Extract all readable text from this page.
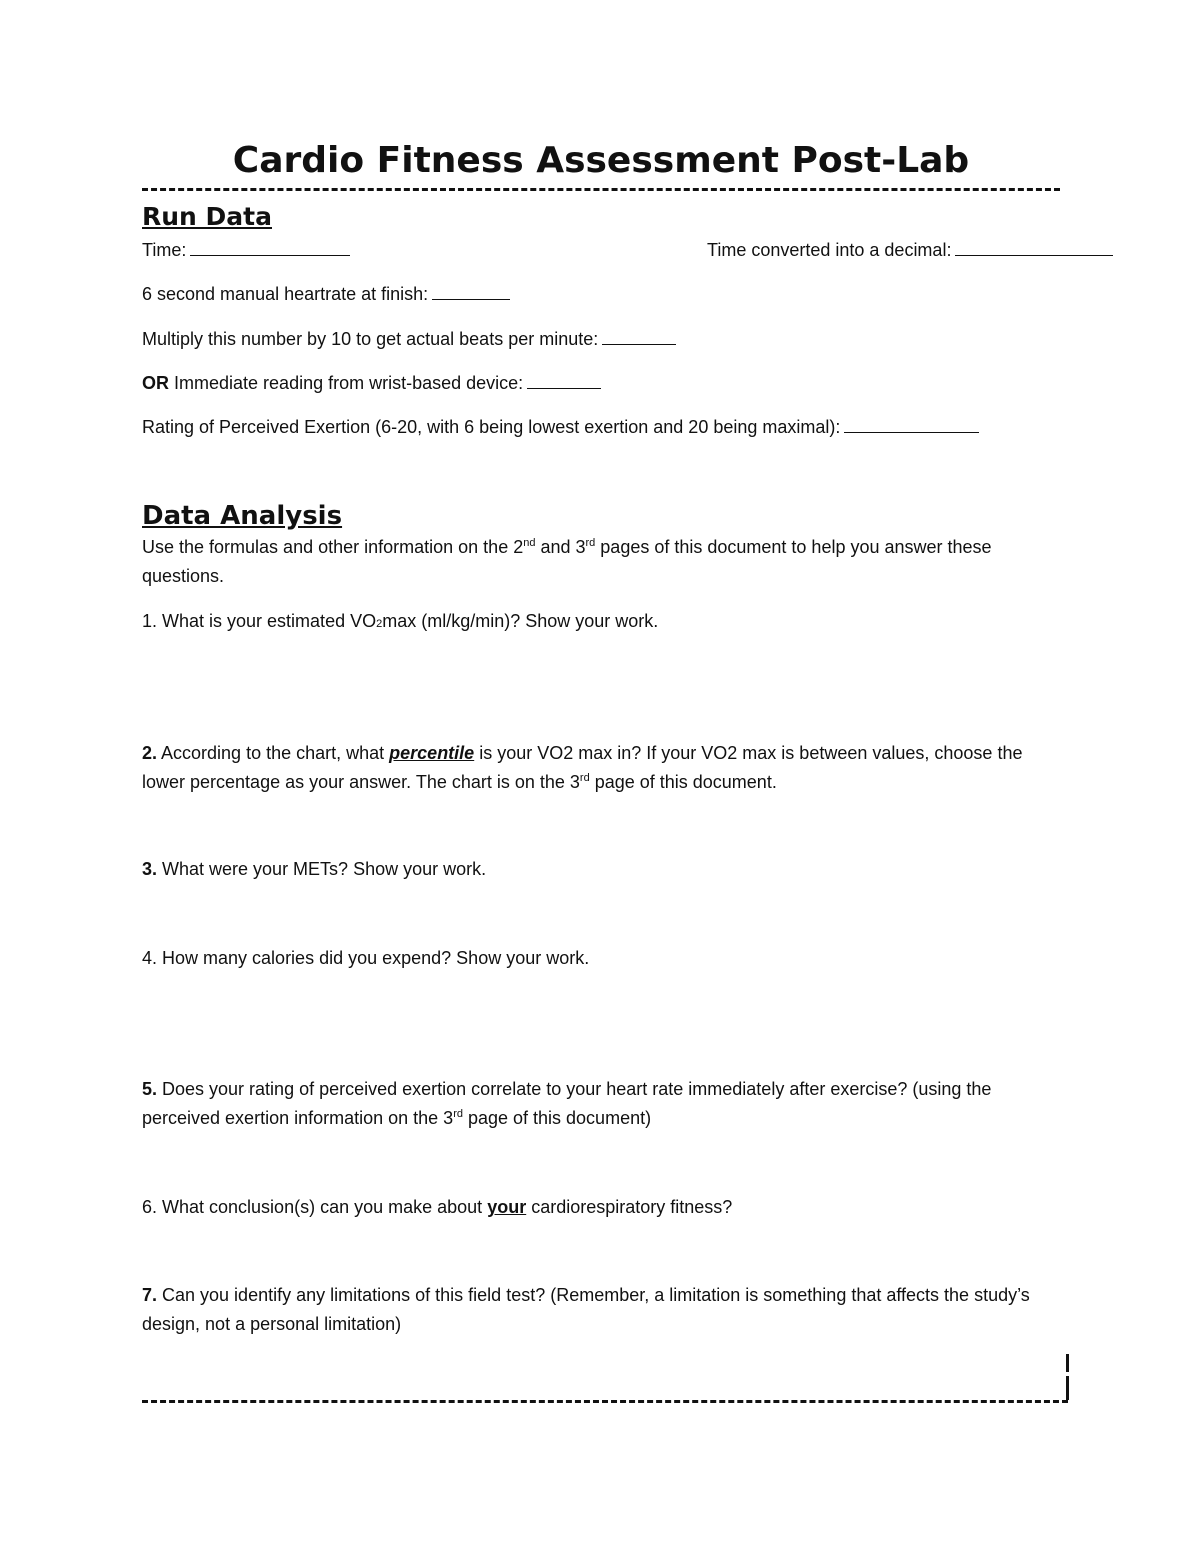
Cardio Fitness Assessment Post-Lab
Run Data

Time:	Time converted into a decimal:

6 second manual heartrate at finish:

Multiply this number by 10 to get actual beats per minute:

OR Immediate reading from wrist-based device:

Rating of Perceived Exertion (6-20, with 6 being lowest exertion and 20 being maximal):

Data Analysis

Use the formulas and other information on the 2nd and 3rd pages of this document to help you answer these questions.

1. What is your estimated VO2max (ml/kg/min)? Show your work.

2. According to the chart, what percentile is your VO2 max in? If your VO2 max is between values, choose the lower percentage as your answer. The chart is on the 3rd page of this document.

3. What were your METs? Show your work.

4. How many calories did you expend? Show your work.

5. Does your rating of perceived exertion correlate to your heart rate immediately after exercise? (using the perceived exertion information on the 3rd page of this document)

6. What conclusion(s) can you make about your cardiorespiratory fitness?

7. Can you identify any limitations of this field test? (Remember, a limitation is something that affects the study’s design, not a personal limitation)
